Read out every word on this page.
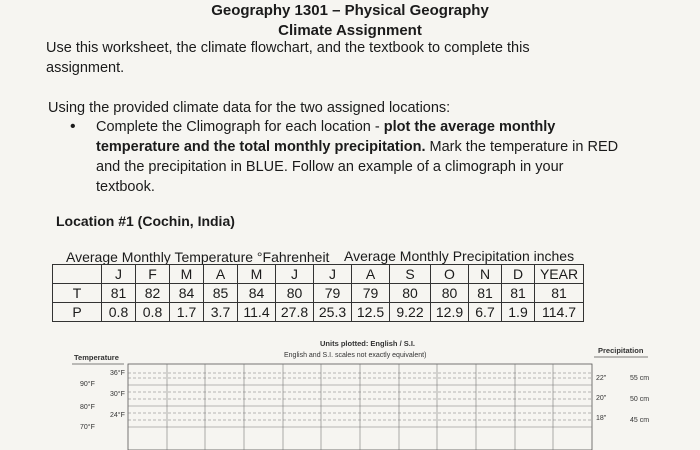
Geography 1301 – Physical Geography
Climate Assignment
Use this worksheet, the climate flowchart, and the textbook to complete this
assignment.
Using the provided climate data for the two assigned locations:
• Complete the Climograph for each location - plot the average monthly
temperature and the total monthly precipitation. Mark the temperature in RED
and the precipitation in BLUE. Follow an example of a climograph in your
textbook.
Location #1 (Cochin, India)
Average Monthly Temperature °Fahrenheit Average Monthly Precipitation inches
	J	F	M	A	M	J	J	A	S	O	N	D	YEAR
T	81	82	84	85	84	80	79	79	80	80	81	81	81
P	0.8	0.8	1.7	3.7	11.4	27.8	25.3	12.5	9.22	12.9	6.7	1.9	114.7
Units plotted: English / S.I.
English and S.I. scales not exactly equivalent)
Temperature
Precipitation
90°F
80°F
70°F
36°F
30°F
24°F
22"
20"
18"
55 cm
50 cm
45 cm
